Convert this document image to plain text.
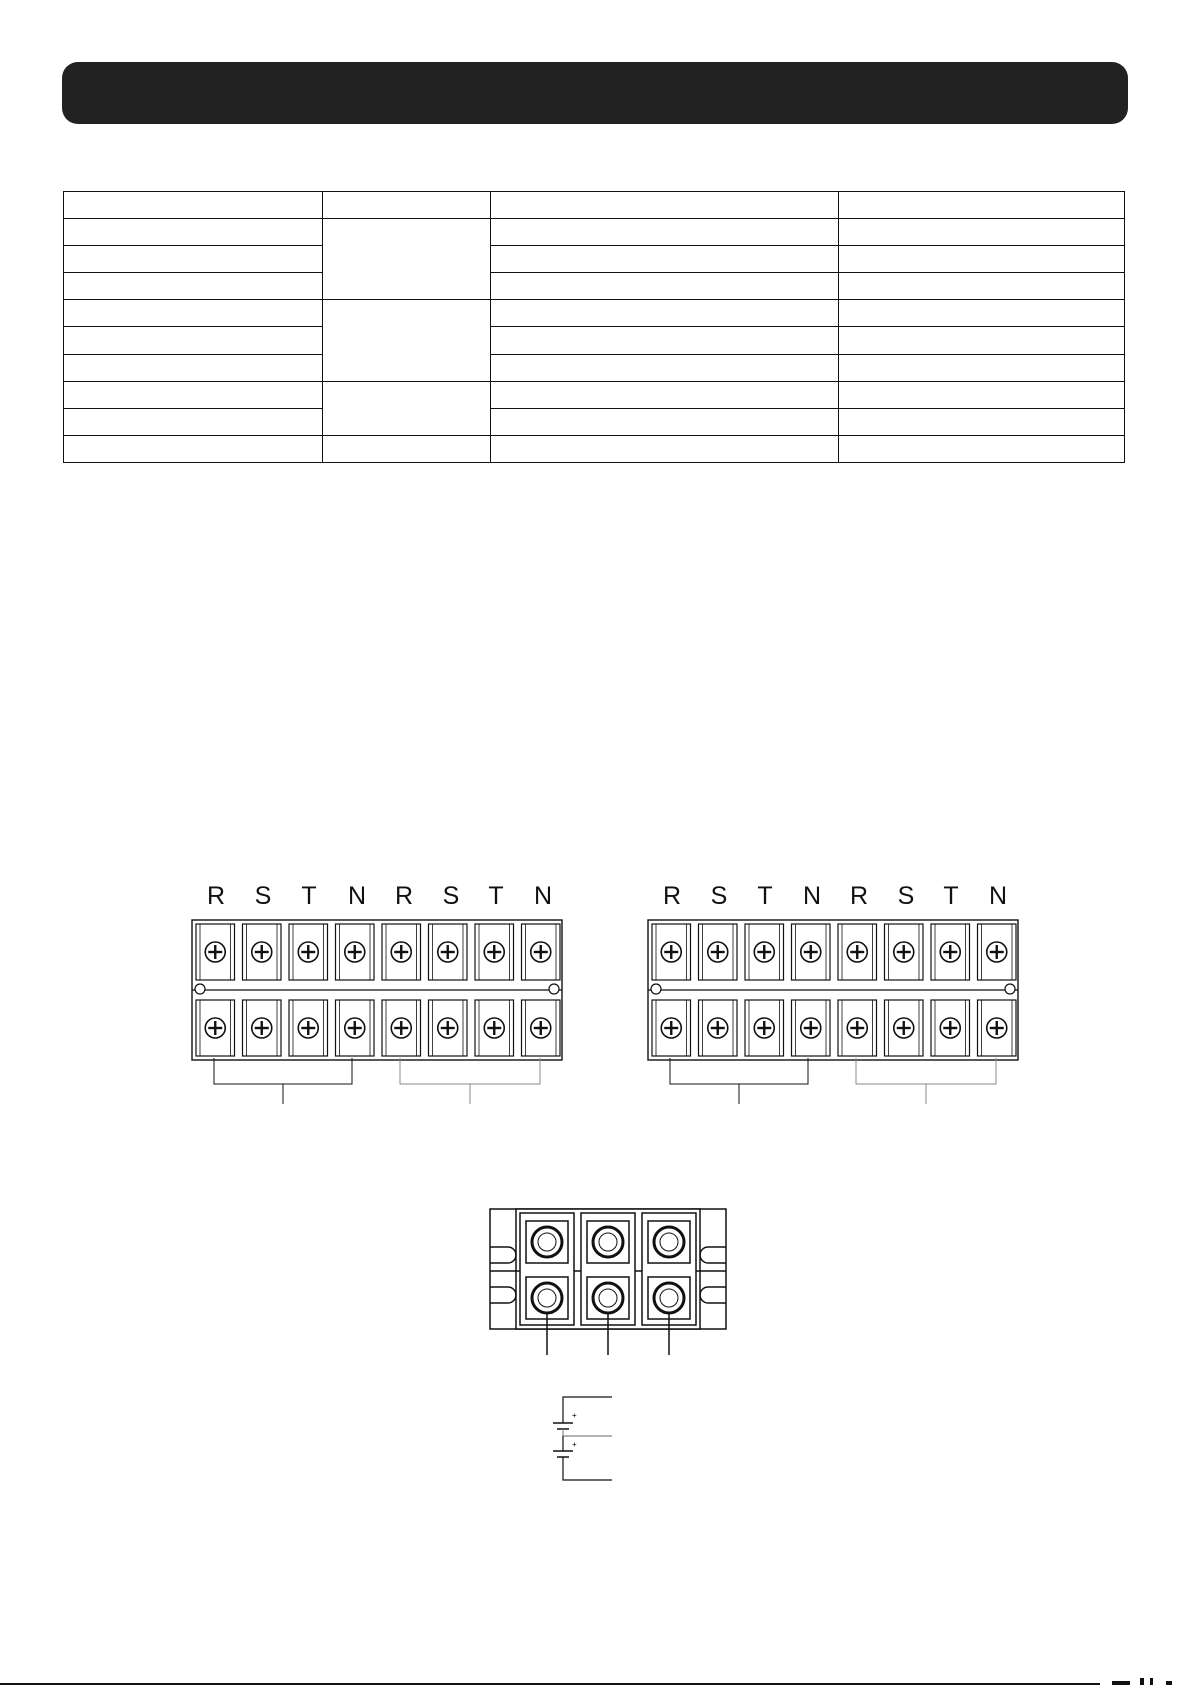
R S T N R S T N	R S T N R S T N
+
+
